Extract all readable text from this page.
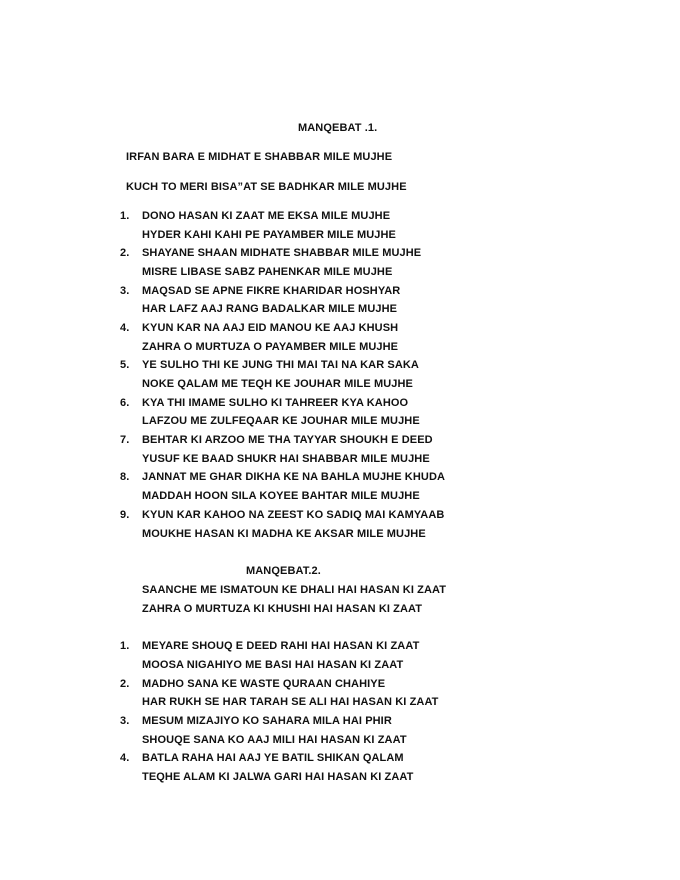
MANQEBAT .1.
IRFAN BARA E MIDHAT E SHABBAR MILE MUJHE
KUCH TO MERI BISA”AT SE BADHKAR MILE MUJHE
1. DONO HASAN KI ZAAT ME EKSA MILE MUJHE
HYDER KAHI KAHI PE PAYAMBER MILE MUJHE
2. SHAYANE SHAAN MIDHATE SHABBAR MILE MUJHE
MISRE LIBASE SABZ PAHENKAR MILE MUJHE
3. MAQSAD SE APNE FIKRE KHARIDAR HOSHYAR
HAR LAFZ AAJ RANG BADALKAR MILE MUJHE
4. KYUN KAR NA AAJ EID MANOU KE AAJ KHUSH
ZAHRA O MURTUZA O PAYAMBER MILE MUJHE
5. YE SULHO THI KE JUNG THI MAI TAI NA KAR SAKA
NOKE QALAM ME TEQH KE JOUHAR MILE MUJHE
6. KYA THI IMAME SULHO KI TAHREER KYA KAHOO
LAFZOU ME ZULFEQAAR KE JOUHAR MILE MUJHE
7. BEHTAR KI ARZOO ME THA TAYYAR SHOUKH E DEED
YUSUF KE BAAD SHUKR HAI SHABBAR MILE MUJHE
8. JANNAT ME GHAR DIKHA KE NA BAHLA MUJHE KHUDA
MADDAH HOON SILA KOYEE BAHTAR MILE MUJHE
9. KYUN KAR KAHOO NA ZEEST KO SADIQ MAI KAMYAAB
MOUKHE HASAN KI MADHA KE AKSAR MILE MUJHE
MANQEBAT.2.
SAANCHE ME ISMATOUN KE DHALI HAI HASAN KI ZAAT
ZAHRA O MURTUZA KI KHUSHI HAI HASAN KI ZAAT
1. MEYARE SHOUQ E DEED RAHI HAI HASAN KI ZAAT
MOOSA NIGAHIYO ME BASI HAI HASAN KI ZAAT
2. MADHO SANA KE WASTE QURAAN CHAHIYE
HAR RUKH SE HAR TARAH SE ALI HAI HASAN KI ZAAT
3. MESUM MIZAJIYO KO SAHARA MILA HAI PHIR
SHOUQE SANA KO AAJ MILI HAI HASAN KI ZAAT
4. BATLA RAHA HAI AAJ YE BATIL SHIKAN QALAM
TEQHE ALAM KI JALWA GARI HAI HASAN KI ZAAT
